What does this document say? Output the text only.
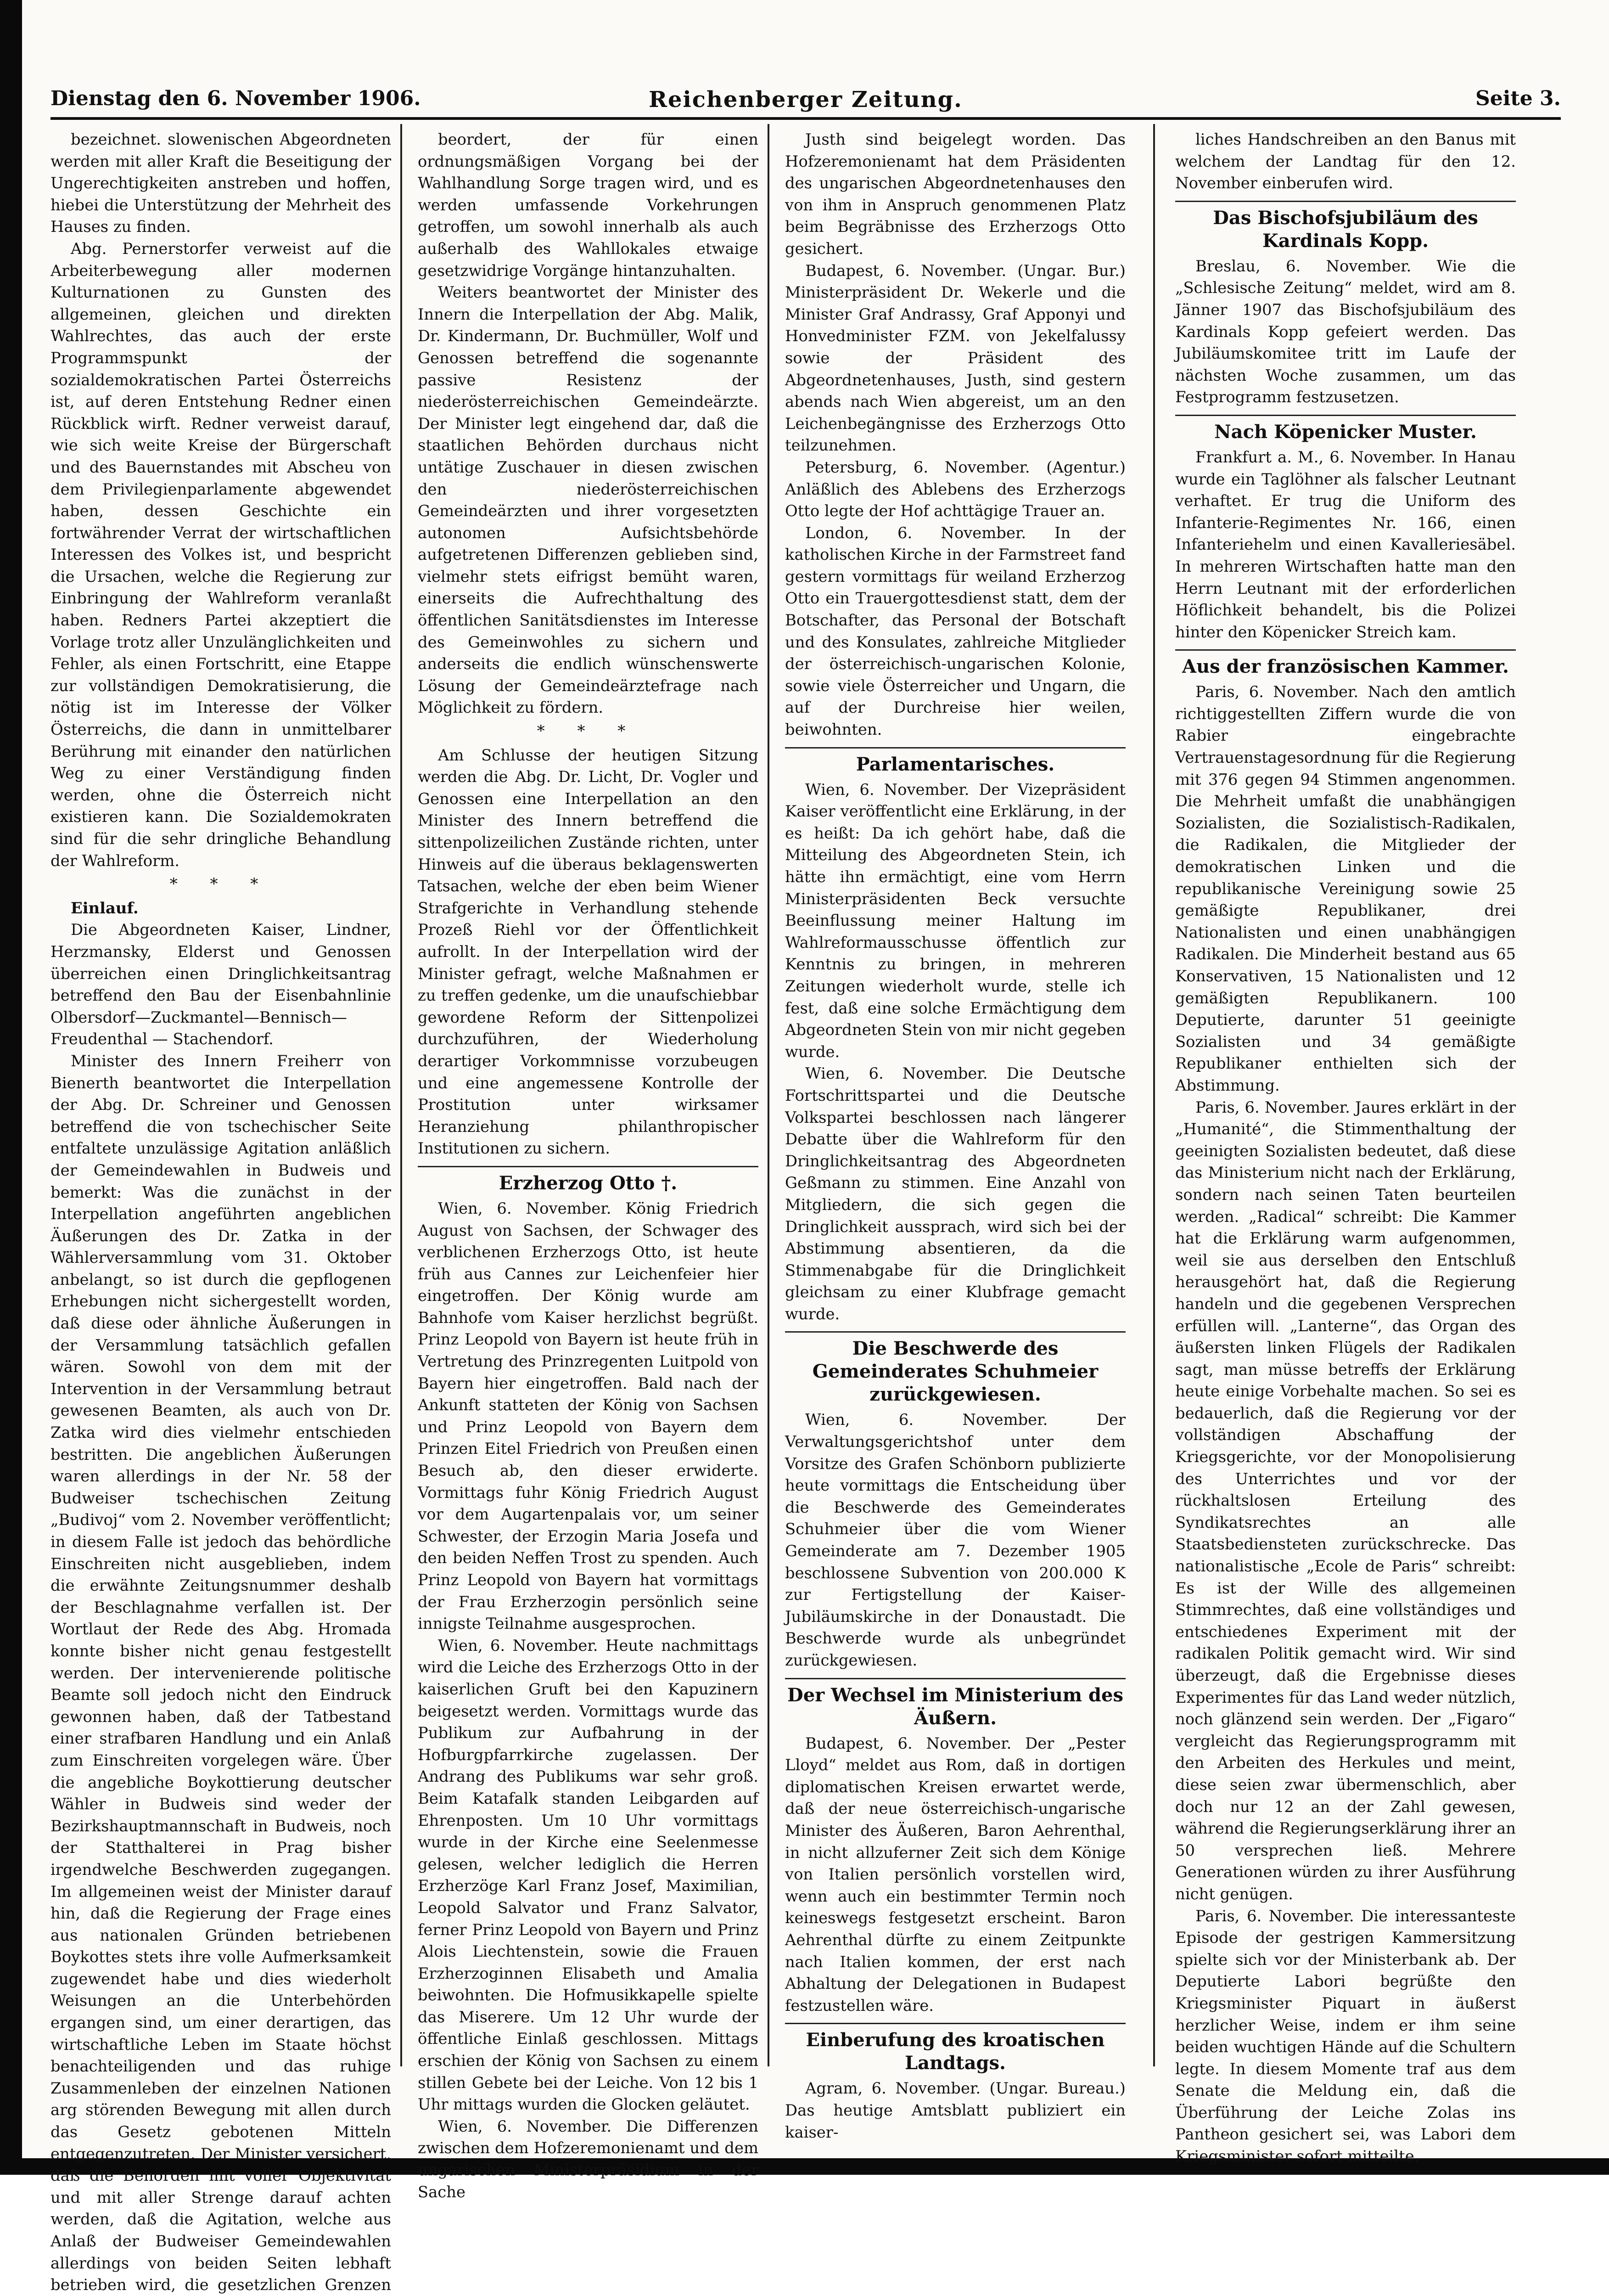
Reichenberger Zeitung.
Dienstag den 6. November 1906.	Seite 3.

bezeichnet. slowenischen Abgeordneten werden mit aller Kraft die Beseitigung der Ungerechtigkeiten anstreben und hoffen, hiebei die Unterstützung der Mehrheit des Hauses zu finden.

Abg. Pernerstorfer verweist auf die Arbeiterbewegung aller modernen Kulturnationen zu Gunsten des allgemeinen, gleichen und direkten Wahlrechtes, das auch der erste Programmspunkt der sozialdemokratischen Partei Österreichs ist, auf deren Entstehung Redner einen Rückblick wirft. Redner verweist darauf, wie sich weite Kreise der Bürgerschaft und des Bauernstandes mit Abscheu von dem Privilegienparlamente abgewendet haben, dessen Geschichte ein fortwährender Verrat der wirtschaftlichen Interessen des Volkes ist, und bespricht die Ursachen, welche die Regierung zur Einbringung der Wahlreform veranlaßt haben. Redners Partei akzeptiert die Vorlage trotz aller Unzulänglichkeiten und Fehler, als einen Fortschritt, eine Etappe zur vollständigen Demokratisierung, die nötig ist im Interesse der Völker Österreichs, die dann in unmittelbarer Berührung mit einander den natürlichen Weg zu einer Verständigung finden werden, ohne die Österreich nicht existieren kann. Die Sozialdemokraten sind für die sehr dringliche Behandlung der Wahlreform.

* * *

Einlauf.

Die Abgeordneten Kaiser, Lindner, Herzmansky, Elderst und Genossen überreichen einen Dringlichkeitsantrag betreffend den Bau der Eisenbahnlinie Olbersdorf—Zuckmantel—Bennisch—Freudenthal — Stachendorf.

Minister des Innern Freiherr von Bienerth beantwortet die Interpellation der Abg. Dr. Schreiner und Genossen betreffend die von tschechischer Seite entfaltete unzulässige Agitation anläßlich der Gemeindewahlen in Budweis und bemerkt: Was die zunächst in der Interpellation angeführten angeblichen Äußerungen des Dr. Zatka in der Wählerversammlung vom 31. Oktober anbelangt, so ist durch die gepflogenen Erhebungen nicht sichergestellt worden, daß diese oder ähnliche Äußerungen in der Versammlung tatsächlich gefallen wären. Sowohl von dem mit der Intervention in der Versammlung betraut gewesenen Beamten, als auch von Dr. Zatka wird dies vielmehr entschieden bestritten. Die angeblichen Äußerungen waren allerdings in der Nr. 58 der Budweiser tschechischen Zeitung „Budivoj“ vom 2. November veröffentlicht; in diesem Falle ist jedoch das behördliche Einschreiten nicht ausgeblieben, indem die erwähnte Zeitungsnummer deshalb der Beschlagnahme verfallen ist. Der Wortlaut der Rede des Abg. Hromada konnte bisher nicht genau festgestellt werden. Der intervenierende politische Beamte soll jedoch nicht den Eindruck gewonnen haben, daß der Tatbestand einer strafbaren Handlung und ein Anlaß zum Einschreiten vorgelegen wäre. Über die angebliche Boykottierung deutscher Wähler in Budweis sind weder der Bezirkshauptmannschaft in Budweis, noch der Statthalterei in Prag bisher irgendwelche Beschwerden zugegangen. Im allgemeinen weist der Minister darauf hin, daß die Regierung der Frage eines aus nationalen Gründen betriebenen Boykottes stets ihre volle Aufmerksamkeit zugewendet habe und dies wiederholt Weisungen an die Unterbehörden ergangen sind, um einer derartigen, das wirtschaftliche Leben im Staate höchst benachteiligenden und das ruhige Zusammenleben der einzelnen Nationen arg störenden Bewegung mit allen durch das Gesetz gebotenen Mitteln entgegenzutreten. Der Minister versichert, daß die Behörden mit voller Objektivität und mit aller Strenge darauf achten werden, daß die Agitation, welche aus Anlaß der Budweiser Gemeindewahlen allerdings von beiden Seiten lebhaft betrieben wird, die gesetzlichen Grenzen

beordert, der für einen ordnungsmäßigen Vorgang bei der Wahlhandlung Sorge tragen wird, und es werden umfassende Vorkehrungen getroffen, um sowohl innerhalb als auch außerhalb des Wahllokales etwaige gesetzwidrige Vorgänge hintanzuhalten.

Weiters beantwortet der Minister des Innern die Interpellation der Abg. Malik, Dr. Kindermann, Dr. Buchmüller, Wolf und Genossen betreffend die sogenannte passive Resistenz der niederösterreichischen Gemeindeärzte. Der Minister legt eingehend dar, daß die staatlichen Behörden durchaus nicht untätige Zuschauer in diesen zwischen den niederösterreichischen Gemeindeärzten und ihrer vorgesetzten autonomen Aufsichtsbehörde aufgetretenen Differenzen geblieben sind, vielmehr stets eifrigst bemüht waren, einerseits die Aufrechthaltung des öffentlichen Sanitätsdienstes im Interesse des Gemeinwohles zu sichern und anderseits die endlich wünschenswerte Lösung der Gemeindeärztefrage nach Möglichkeit zu fördern.

* * *

Am Schlusse der heutigen Sitzung werden die Abg. Dr. Licht, Dr. Vogler und Genossen eine Interpellation an den Minister des Innern betreffend die sittenpolizeilichen Zustände richten, unter Hinweis auf die überaus beklagenswerten Tatsachen, welche der eben beim Wiener Strafgerichte in Verhandlung stehende Prozeß Riehl vor der Öffentlichkeit aufrollt. In der Interpellation wird der Minister gefragt, welche Maßnahmen er zu treffen gedenke, um die unaufschiebbar gewordene Reform der Sittenpolizei durchzuführen, der Wiederholung derartiger Vorkommnisse vorzubeugen und eine angemessene Kontrolle der Prostitution unter wirksamer Heranziehung philanthropischer Institutionen zu sichern.

Erzherzog Otto †.

Wien, 6. November. König Friedrich August von Sachsen, der Schwager des verblichenen Erzherzogs Otto, ist heute früh aus Cannes zur Leichenfeier hier eingetroffen. Der König wurde am Bahnhofe vom Kaiser herzlichst begrüßt. Prinz Leopold von Bayern ist heute früh in Vertretung des Prinzregenten Luitpold von Bayern hier eingetroffen. Bald nach der Ankunft statteten der König von Sachsen und Prinz Leopold von Bayern dem Prinzen Eitel Friedrich von Preußen einen Besuch ab, den dieser erwiderte. Vormittags fuhr König Friedrich August vor dem Augartenpalais vor, um seiner Schwester, der Erzogin Maria Josefa und den beiden Neffen Trost zu spenden. Auch Prinz Leopold von Bayern hat vormittags der Frau Erzherzogin persönlich seine innigste Teilnahme ausgesprochen.

Wien, 6. November. Heute nachmittags wird die Leiche des Erzherzogs Otto in der kaiserlichen Gruft bei den Kapuzinern beigesetzt werden. Vormittags wurde das Publikum zur Aufbahrung in der Hofburgpfarrkirche zugelassen. Der Andrang des Publikums war sehr groß. Beim Katafalk standen Leibgarden auf Ehrenposten. Um 10 Uhr vormittags wurde in der Kirche eine Seelenmesse gelesen, welcher lediglich die Herren Erzherzöge Karl Franz Josef, Maximilian, Leopold Salvator und Franz Salvator, ferner Prinz Leopold von Bayern und Prinz Alois Liechtenstein, sowie die Frauen Erzherzoginnen Elisabeth und Amalia beiwohnten. Die Hofmusikkapelle spielte das Miserere. Um 12 Uhr wurde der öffentliche Einlaß geschlossen. Mittags erschien der König von Sachsen zu einem stillen Gebete bei der Leiche. Von 12 bis 1 Uhr mittags wurden die Glocken geläutet.

Wien, 6. November. Die Differenzen zwischen dem Hofzeremonienamt und dem ungarischen Ministerpräsidium in der Sache

Justh sind beigelegt worden. Das Hofzeremonienamt hat dem Präsidenten des ungarischen Abgeordnetenhauses den von ihm in Anspruch genommenen Platz beim Begräbnisse des Erzherzogs Otto gesichert.

Budapest, 6. November. (Ungar. Bur.) Ministerpräsident Dr. Wekerle und die Minister Graf Andrassy, Graf Apponyi und Honvedminister FZM. von Jekelfalussy sowie der Präsident des Abgeordnetenhauses, Justh, sind gestern abends nach Wien abgereist, um an den Leichenbegängnisse des Erzherzogs Otto teilzunehmen.

Petersburg, 6. November. (Agentur.) Anläßlich des Ablebens des Erzherzogs Otto legte der Hof achttägige Trauer an.

London, 6. November. In der katholischen Kirche in der Farmstreet fand gestern vormittags für weiland Erzherzog Otto ein Trauergottesdienst statt, dem der Botschafter, das Personal der Botschaft und des Konsulates, zahlreiche Mitglieder der österreichisch-ungarischen Kolonie, sowie viele Österreicher und Ungarn, die auf der Durchreise hier weilen, beiwohnten.

Parlamentarisches.

Wien, 6. November. Der Vizepräsident Kaiser veröffentlicht eine Erklärung, in der es heißt: Da ich gehört habe, daß die Mitteilung des Abgeordneten Stein, ich hätte ihn ermächtigt, eine vom Herrn Ministerpräsidenten Beck versuchte Beeinflussung meiner Haltung im Wahlreformausschusse öffentlich zur Kenntnis zu bringen, in mehreren Zeitungen wiederholt wurde, stelle ich fest, daß eine solche Ermächtigung dem Abgeordneten Stein von mir nicht gegeben wurde.

Wien, 6. November. Die Deutsche Fortschrittspartei und die Deutsche Volkspartei beschlossen nach längerer Debatte über die Wahlreform für den Dringlichkeitsantrag des Abgeordneten Geßmann zu stimmen. Eine Anzahl von Mitgliedern, die sich gegen die Dringlichkeit aussprach, wird sich bei der Abstimmung absentieren, da die Stimmenabgabe für die Dringlichkeit gleichsam zu einer Klubfrage gemacht wurde.

Die Beschwerde des Gemeinderates Schuhmeier zurückgewiesen.

Wien, 6. November. Der Verwaltungsgerichtshof unter dem Vorsitze des Grafen Schönborn publizierte heute vormittags die Entscheidung über die Beschwerde des Gemeinderates Schuhmeier über die vom Wiener Gemeinderate am 7. Dezember 1905 beschlossene Subvention von 200.000 K zur Fertigstellung der Kaiser-Jubiläumskirche in der Donaustadt. Die Beschwerde wurde als unbegründet zurückgewiesen.

Der Wechsel im Ministerium des Äußern.

Budapest, 6. November. Der „Pester Lloyd“ meldet aus Rom, daß in dortigen diplomatischen Kreisen erwartet werde, daß der neue österreichisch-ungarische Minister des Äußeren, Baron Aehrenthal, in nicht allzuferner Zeit sich dem Könige von Italien persönlich vorstellen wird, wenn auch ein bestimmter Termin noch keineswegs festgesetzt erscheint. Baron Aehrenthal dürfte zu einem Zeitpunkte nach Italien kommen, der erst nach Abhaltung der Delegationen in Budapest festzustellen wäre.

Einberufung des kroatischen Landtags.

Agram, 6. November. (Ungar. Bureau.) Das heutige Amtsblatt publiziert ein kaiser-

liches Handschreiben an den Banus mit welchem der Landtag für den 12. November einberufen wird.

Das Bischofsjubiläum des Kardinals Kopp.

Breslau, 6. November. Wie die „Schlesische Zeitung“ meldet, wird am 8. Jänner 1907 das Bischofsjubiläum des Kardinals Kopp gefeiert werden. Das Jubiläumskomitee tritt im Laufe der nächsten Woche zusammen, um das Festprogramm festzusetzen.

Nach Köpenicker Muster.

Frankfurt a. M., 6. November. In Hanau wurde ein Taglöhner als falscher Leutnant verhaftet. Er trug die Uniform des Infanterie-Regimentes Nr. 166, einen Infanteriehelm und einen Kavalleriesäbel. In mehreren Wirtschaften hatte man den Herrn Leutnant mit der erforderlichen Höflichkeit behandelt, bis die Polizei hinter den Köpenicker Streich kam.

Aus der französischen Kammer.

Paris, 6. November. Nach den amtlich richtiggestellten Ziffern wurde die von Rabier eingebrachte Vertrauenstagesordnung für die Regierung mit 376 gegen 94 Stimmen angenommen. Die Mehrheit umfaßt die unabhängigen Sozialisten, die Sozialistisch-Radikalen, die Radikalen, die Mitglieder der demokratischen Linken und die republikanische Vereinigung sowie 25 gemäßigte Republikaner, drei Nationalisten und einen unabhängigen Radikalen. Die Minderheit bestand aus 65 Konservativen, 15 Nationalisten und 12 gemäßigten Republikanern. 100 Deputierte, darunter 51 geeinigte Sozialisten und 34 gemäßigte Republikaner enthielten sich der Abstimmung.

Paris, 6. November. Jaures erklärt in der „Humanité“, die Stimmenthaltung der geeinigten Sozialisten bedeutet, daß diese das Ministerium nicht nach der Erklärung, sondern nach seinen Taten beurteilen werden. „Radical“ schreibt: Die Kammer hat die Erklärung warm aufgenommen, weil sie aus derselben den Entschluß herausgehört hat, daß die Regierung handeln und die gegebenen Versprechen erfüllen will. „Lanterne“, das Organ des äußersten linken Flügels der Radikalen sagt, man müsse betreffs der Erklärung heute einige Vorbehalte machen. So sei es bedauerlich, daß die Regierung vor der vollständigen Abschaffung der Kriegsgerichte, vor der Monopolisierung des Unterrichtes und vor der rückhaltslosen Erteilung des Syndikatsrechtes an alle Staatsbediensteten zurückschrecke. Das nationalistische „Ecole de Paris“ schreibt: Es ist der Wille des allgemeinen Stimmrechtes, daß eine vollständiges und entschiedenes Experiment mit der radikalen Politik gemacht wird. Wir sind überzeugt, daß die Ergebnisse dieses Experimentes für das Land weder nützlich, noch glänzend sein werden. Der „Figaro“ vergleicht das Regierungsprogramm mit den Arbeiten des Herkules und meint, diese seien zwar übermenschlich, aber doch nur 12 an der Zahl gewesen, während die Regierungserklärung ihrer an 50 versprechen ließ. Mehrere Generationen würden zu ihrer Ausführung nicht genügen.

Paris, 6. November. Die interessanteste Episode der gestrigen Kammersitzung spielte sich vor der Ministerbank ab. Der Deputierte Labori begrüßte den Kriegsminister Piquart in äußerst herzlicher Weise, indem er ihm seine beiden wuchtigen Hände auf die Schultern legte. In diesem Momente traf aus dem Senate die Meldung ein, daß die Überführung der Leiche Zolas ins Pantheon gesichert sei, was Labori dem Kriegsminister sofort mitteilte.
